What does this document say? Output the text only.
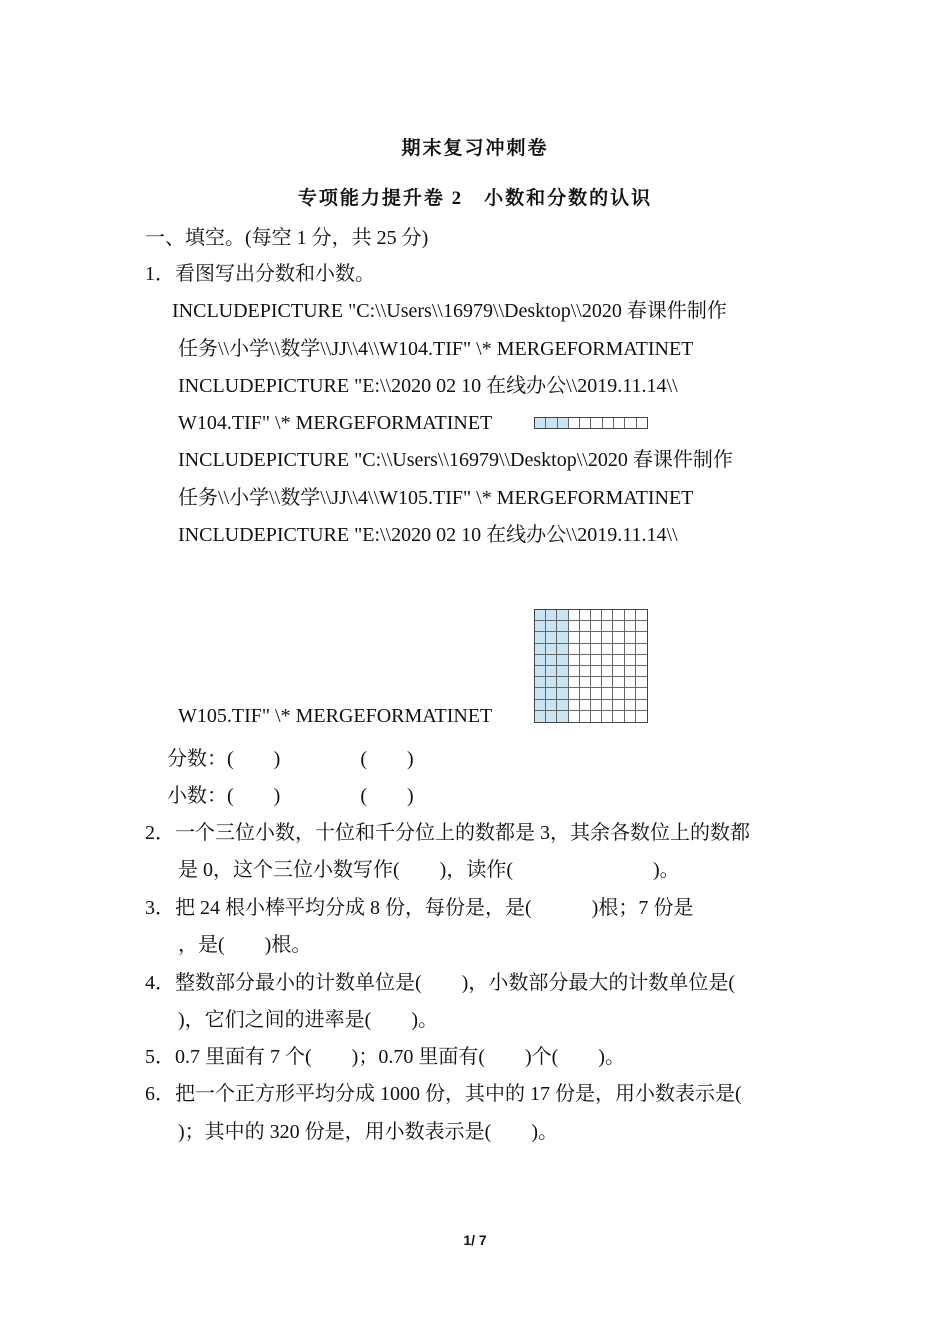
期末复习冲刺卷
专项能力提升卷 2　小数和分数的认识
一、填空。(每空 1 分，共 25 分)
1．看图写出分数和小数。
INCLUDEPICTURE "C:\\Users\\16979\\Desktop\\2020 春课件制作
任务\\小学\\数学\\JJ\\4\\W104.TIF" \* MERGEFORMATINET
INCLUDEPICTURE "E:\\2020 02 10 在线办公\\2019.11.14\\
W104.TIF" \* MERGEFORMATINET
INCLUDEPICTURE "C:\\Users\\16979\\Desktop\\2020 春课件制作
任务\\小学\\数学\\JJ\\4\\W105.TIF" \* MERGEFORMATINET
INCLUDEPICTURE "E:\\2020 02 10 在线办公\\2019.11.14\\
W105.TIF" \* MERGEFORMATINET
分数：(　　)　　　　(　　)
小数：(　　)　　　　(　　)
2．一个三位小数，十位和千分位上的数都是 3，其余各数位上的数都
是 0，这个三位小数写作(　　)，读作(　　　　　　　)。
3．把 24 根小棒平均分成 8 份，每份是，是(　　　)根；7 份是
，是(　　)根。
4．整数部分最小的计数单位是(　　)，小数部分最大的计数单位是(
)，它们之间的进率是(　　)。
5．0.7 里面有 7 个(　　)；0.70 里面有(　　)个(　　)。
6．把一个正方形平均分成 1000 份，其中的 17 份是，用小数表示是(
)；其中的 320 份是，用小数表示是(　　)。
1/ 7
